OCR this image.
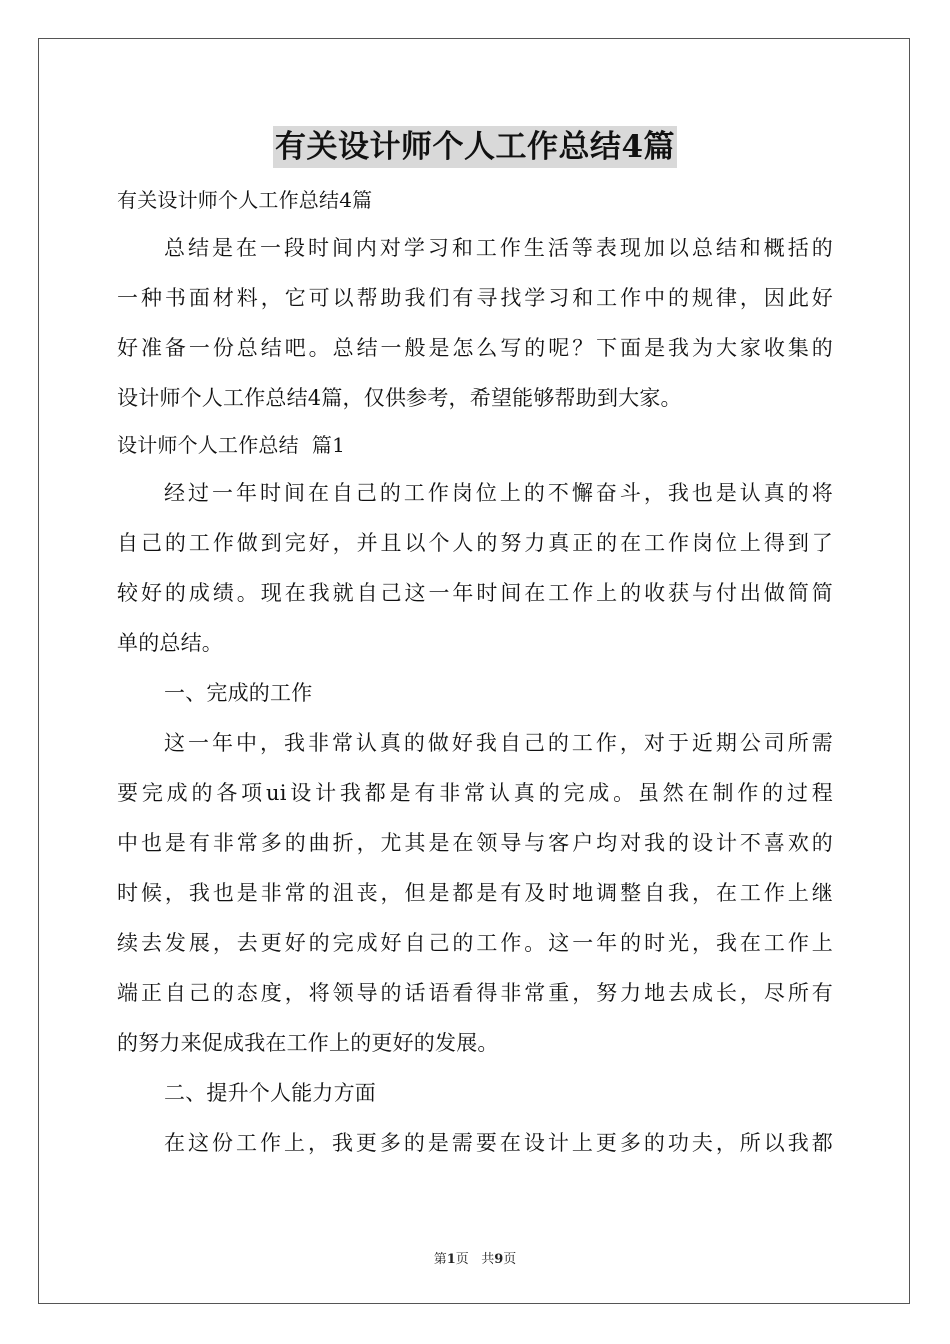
有关设计师个人工作总结4篇
有关设计师个人工作总结4篇
总结是在一段时间内对学习和工作生活等表现加以总结和概括的
一种书面材料，它可以帮助我们有寻找学习和工作中的规律，因此好
好准备一份总结吧。总结一般是怎么写的呢？下面是我为大家收集的
设计师个人工作总结4篇，仅供参考，希望能够帮助到大家。
设计师个人工作总结  篇1
经过一年时间在自己的工作岗位上的不懈奋斗，我也是认真的将
自己的工作做到完好，并且以个人的努力真正的在工作岗位上得到了
较好的成绩。现在我就自己这一年时间在工作上的收获与付出做简简
单的总结。
一、完成的工作
这一年中，我非常认真的做好我自己的工作，对于近期公司所需
要完成的各项ui设计我都是有非常认真的完成。虽然在制作的过程
中也是有非常多的曲折，尤其是在领导与客户均对我的设计不喜欢的
时候，我也是非常的沮丧，但是都是有及时地调整自我，在工作上继
续去发展，去更好的完成好自己的工作。这一年的时光，我在工作上
端正自己的态度，将领导的话语看得非常重，努力地去成长，尽所有
的努力来促成我在工作上的更好的发展。
二、提升个人能力方面
在这份工作上，我更多的是需要在设计上更多的功夫，所以我都
第1页 共9页
